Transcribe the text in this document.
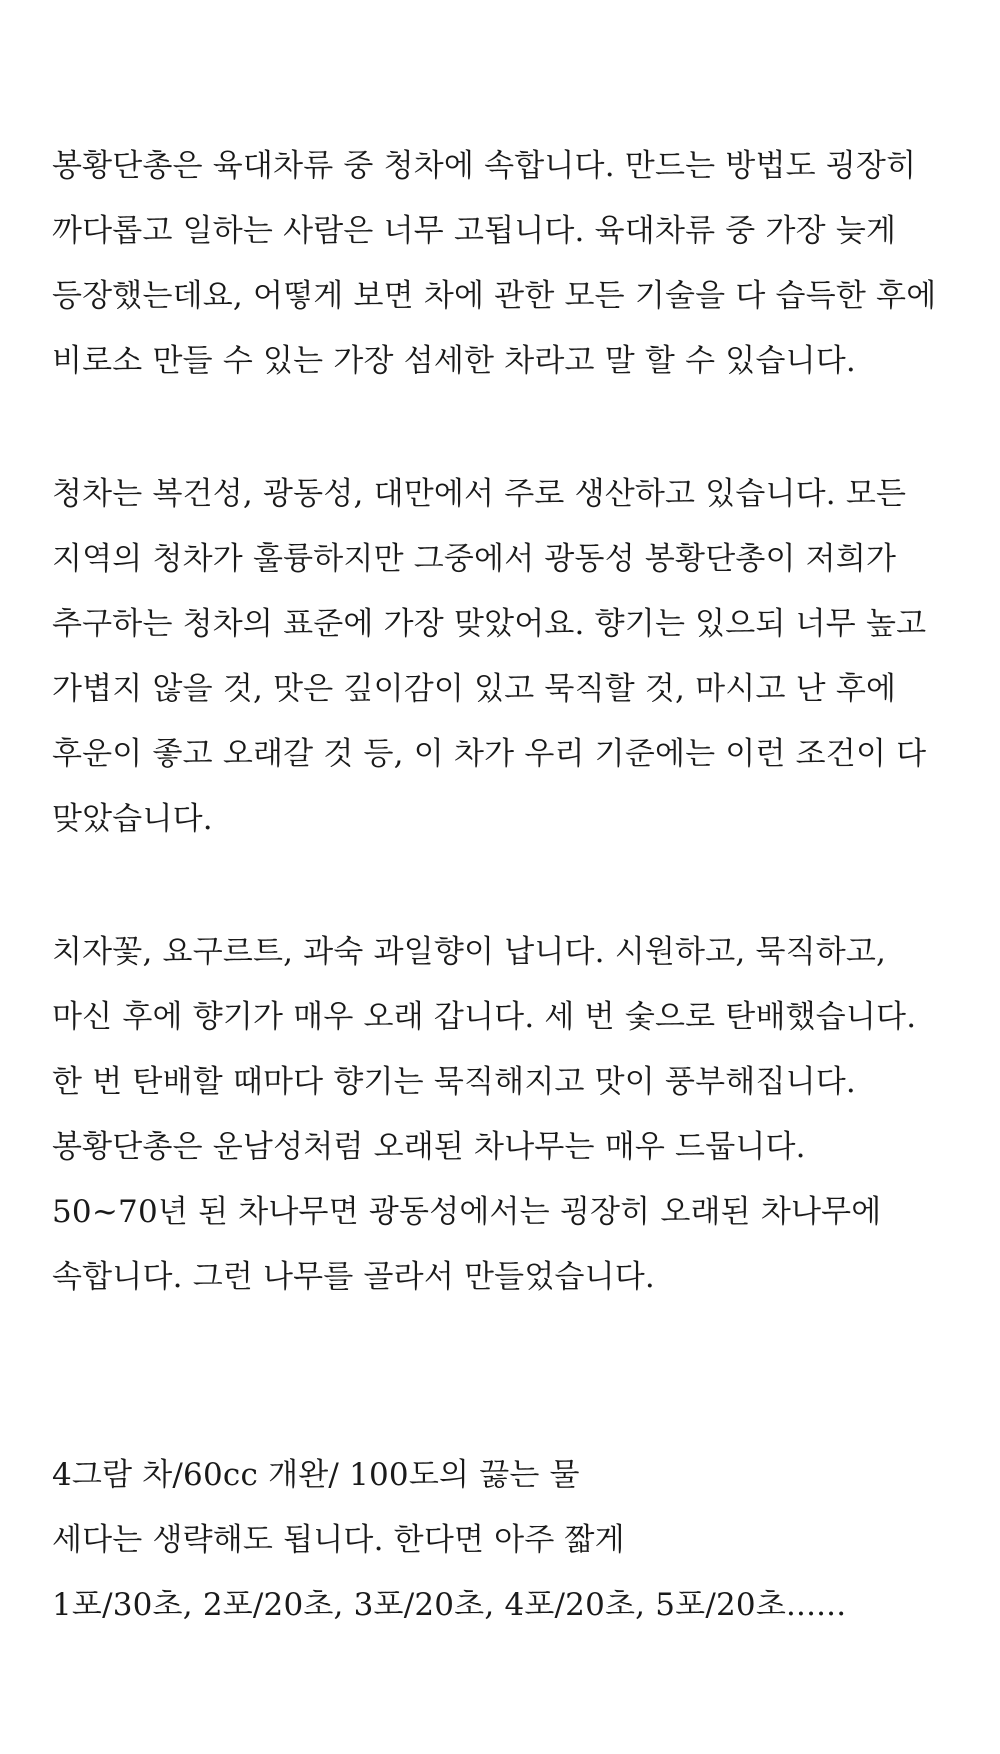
봉황단총은 육대차류 중 청차에 속합니다. 만드는 방법도 굉장히
까다롭고 일하는 사람은 너무 고됩니다. 육대차류 중 가장 늦게
등장했는데요, 어떻게 보면 차에 관한 모든 기술을 다 습득한 후에
비로소 만들 수 있는 가장 섬세한 차라고 말 할 수 있습니다.
청차는 복건성, 광동성, 대만에서 주로 생산하고 있습니다. 모든
지역의 청차가 훌륭하지만 그중에서 광동성 봉황단총이 저희가
추구하는 청차의 표준에 가장 맞았어요. 향기는 있으되 너무 높고
가볍지 않을 것, 맛은 깊이감이 있고 묵직할 것, 마시고 난 후에
후운이 좋고 오래갈 것 등, 이 차가 우리 기준에는 이런 조건이 다
맞았습니다.
치자꽃, 요구르트, 과숙 과일향이 납니다. 시원하고, 묵직하고,
마신 후에 향기가 매우 오래 갑니다. 세 번 숯으로 탄배했습니다.
한 번 탄배할 때마다 향기는 묵직해지고 맛이 풍부해집니다.
봉황단총은 운남성처럼 오래된 차나무는 매우 드뭅니다.
50~70년 된 차나무면 광동성에서는 굉장히 오래된 차나무에
속합니다. 그런 나무를 골라서 만들었습니다.
4그람 차/60cc 개완/ 100도의 끓는 물
세다는 생략해도 됩니다. 한다면 아주 짧게
1포/30초, 2포/20초, 3포/20초, 4포/20초, 5포/20초......
